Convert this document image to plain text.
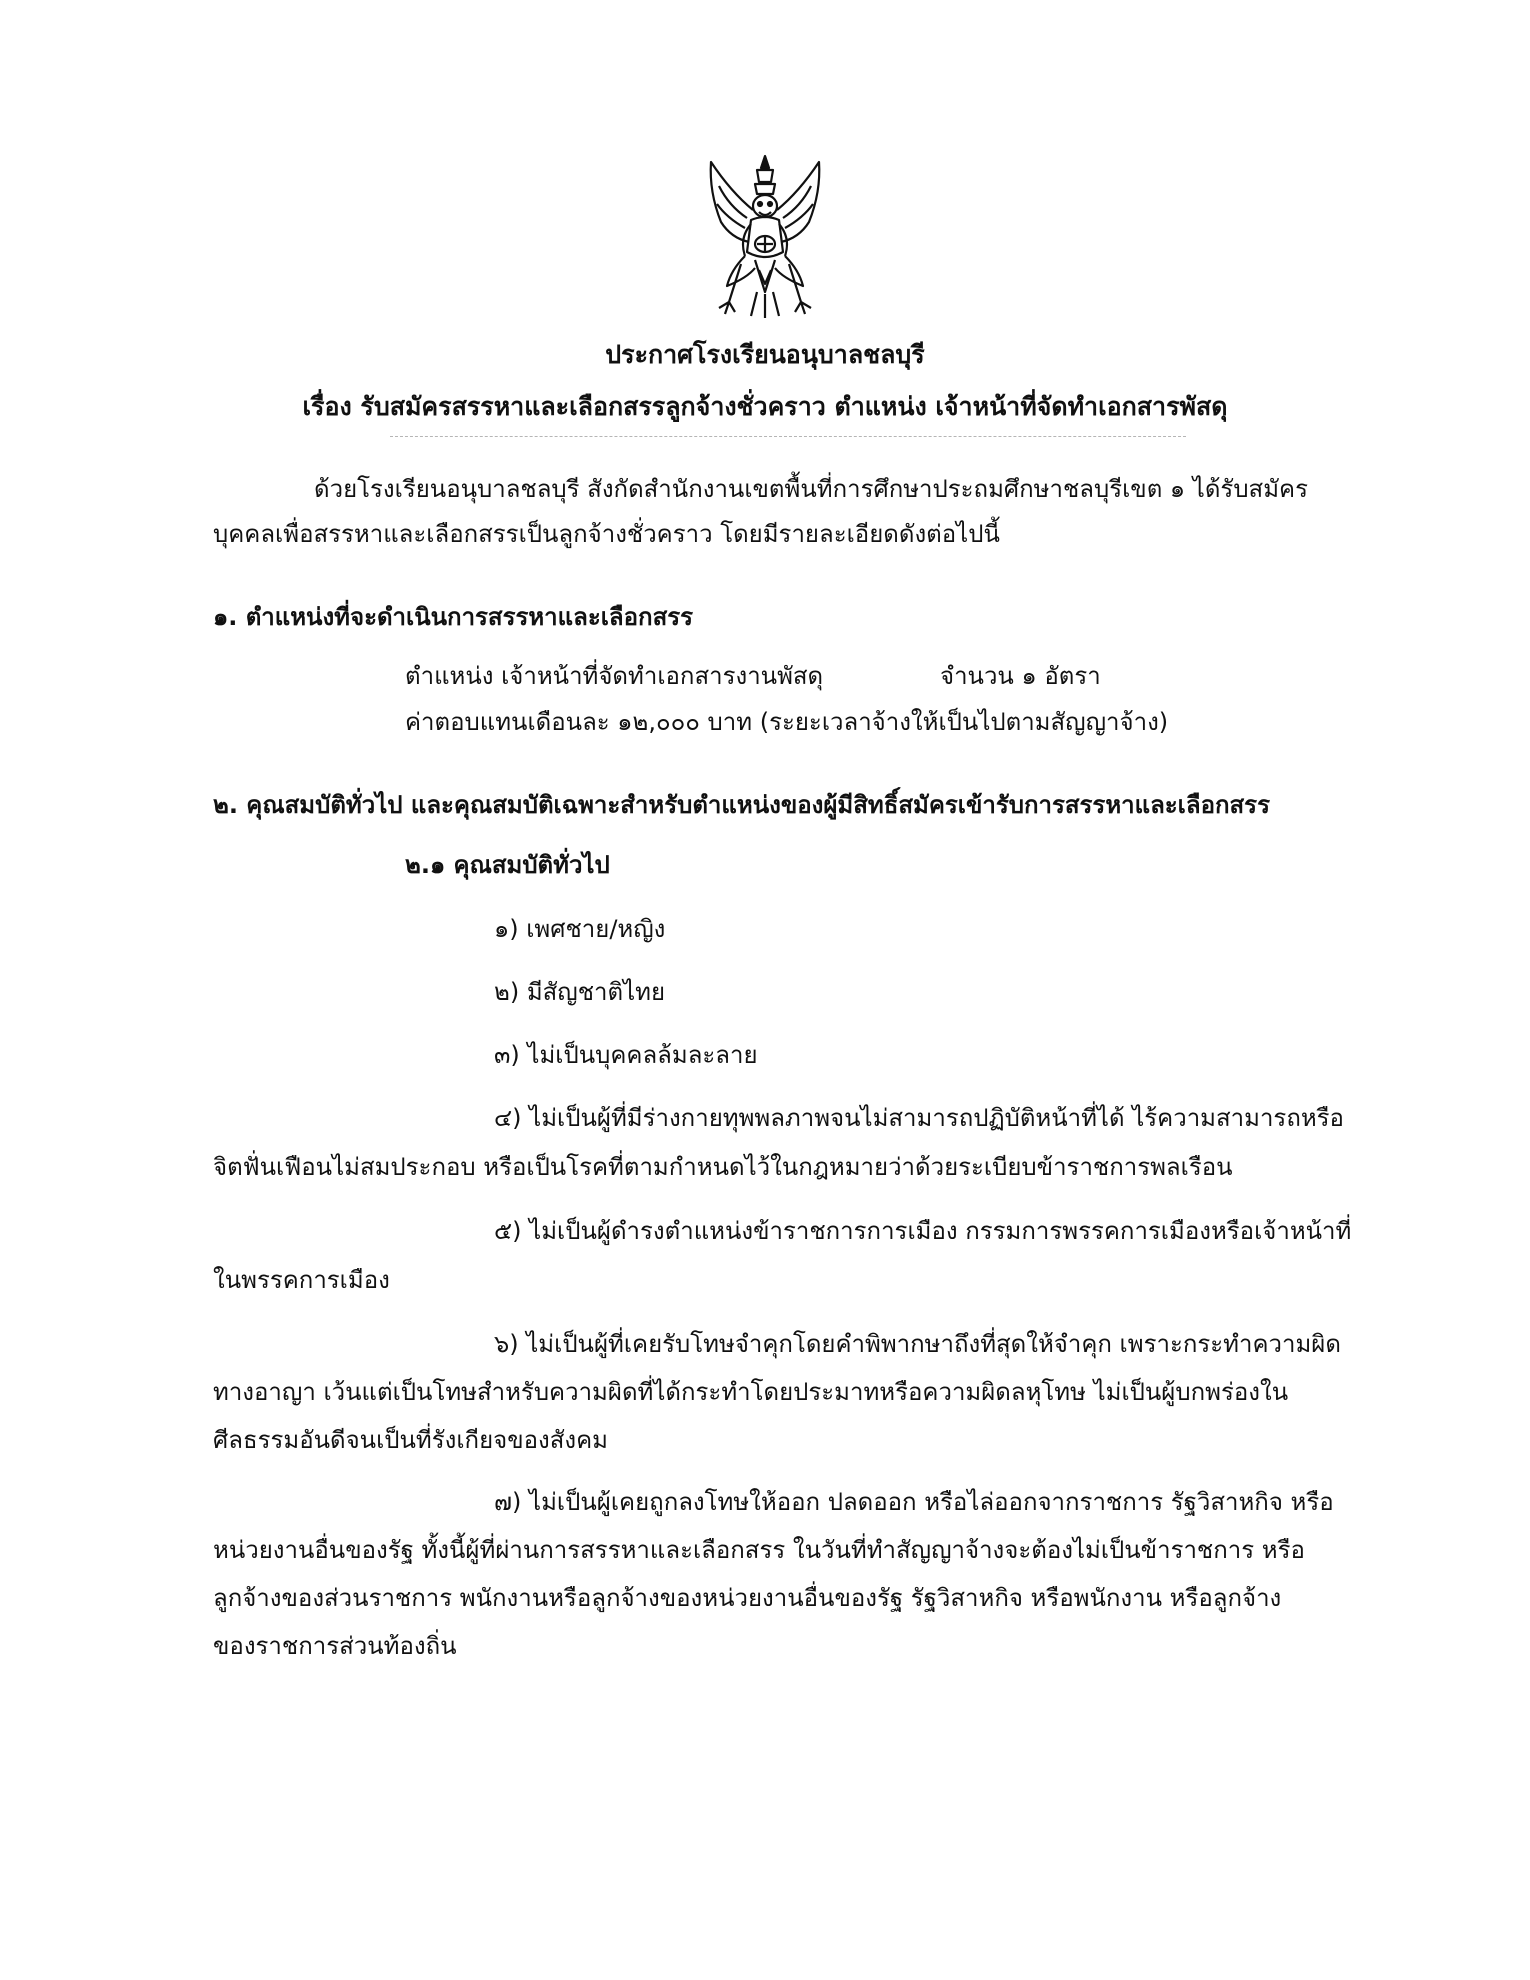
ประกาศโรงเรียนอนุบาลชลบุรี
เรื่อง รับสมัครสรรหาและเลือกสรรลูกจ้างชั่วคราว ตำแหน่ง เจ้าหน้าที่จัดทำเอกสารพัสดุ
ด้วยโรงเรียนอนุบาลชลบุรี สังกัดสำนักงานเขตพื้นที่การศึกษาประถมศึกษาชลบุรีเขต ๑ ได้รับสมัคร
บุคคลเพื่อสรรหาและเลือกสรรเป็นลูกจ้างชั่วคราว โดยมีรายละเอียดดังต่อไปนี้
๑. ตำแหน่งที่จะดำเนินการสรรหาและเลือกสรร
ตำแหน่ง เจ้าหน้าที่จัดทำเอกสารงานพัสดุ	จำนวน ๑ อัตรา
ค่าตอบแทนเดือนละ ๑๒,๐๐๐ บาท (ระยะเวลาจ้างให้เป็นไปตามสัญญาจ้าง)
๒. คุณสมบัติทั่วไป และคุณสมบัติเฉพาะสำหรับตำแหน่งของผู้มีสิทธิ์สมัครเข้ารับการสรรหาและเลือกสรร
๒.๑ คุณสมบัติทั่วไป
๑) เพศชาย/หญิง
๒) มีสัญชาติไทย
๓) ไม่เป็นบุคคลล้มละลาย
๔) ไม่เป็นผู้ที่มีร่างกายทุพพลภาพจนไม่สามารถปฏิบัติหน้าที่ได้ ไร้ความสามารถหรือ
จิตฟั่นเฟือนไม่สมประกอบ หรือเป็นโรคที่ตามกำหนดไว้ในกฎหมายว่าด้วยระเบียบข้าราชการพลเรือน
๕) ไม่เป็นผู้ดำรงตำแหน่งข้าราชการการเมือง กรรมการพรรคการเมืองหรือเจ้าหน้าที่
ในพรรคการเมือง
๖) ไม่เป็นผู้ที่เคยรับโทษจำคุกโดยคำพิพากษาถึงที่สุดให้จำคุก เพราะกระทำความผิด
ทางอาญา เว้นแต่เป็นโทษสำหรับความผิดที่ได้กระทำโดยประมาทหรือความผิดลหุโทษ ไม่เป็นผู้บกพร่องใน
ศีลธรรมอันดีจนเป็นที่รังเกียจของสังคม
๗) ไม่เป็นผู้เคยถูกลงโทษให้ออก ปลดออก หรือไล่ออกจากราชการ รัฐวิสาหกิจ หรือ
หน่วยงานอื่นของรัฐ ทั้งนี้ผู้ที่ผ่านการสรรหาและเลือกสรร ในวันที่ทำสัญญาจ้างจะต้องไม่เป็นข้าราชการ หรือ
ลูกจ้างของส่วนราชการ พนักงานหรือลูกจ้างของหน่วยงานอื่นของรัฐ รัฐวิสาหกิจ หรือพนักงาน หรือลูกจ้าง
ของราชการส่วนท้องถิ่น
